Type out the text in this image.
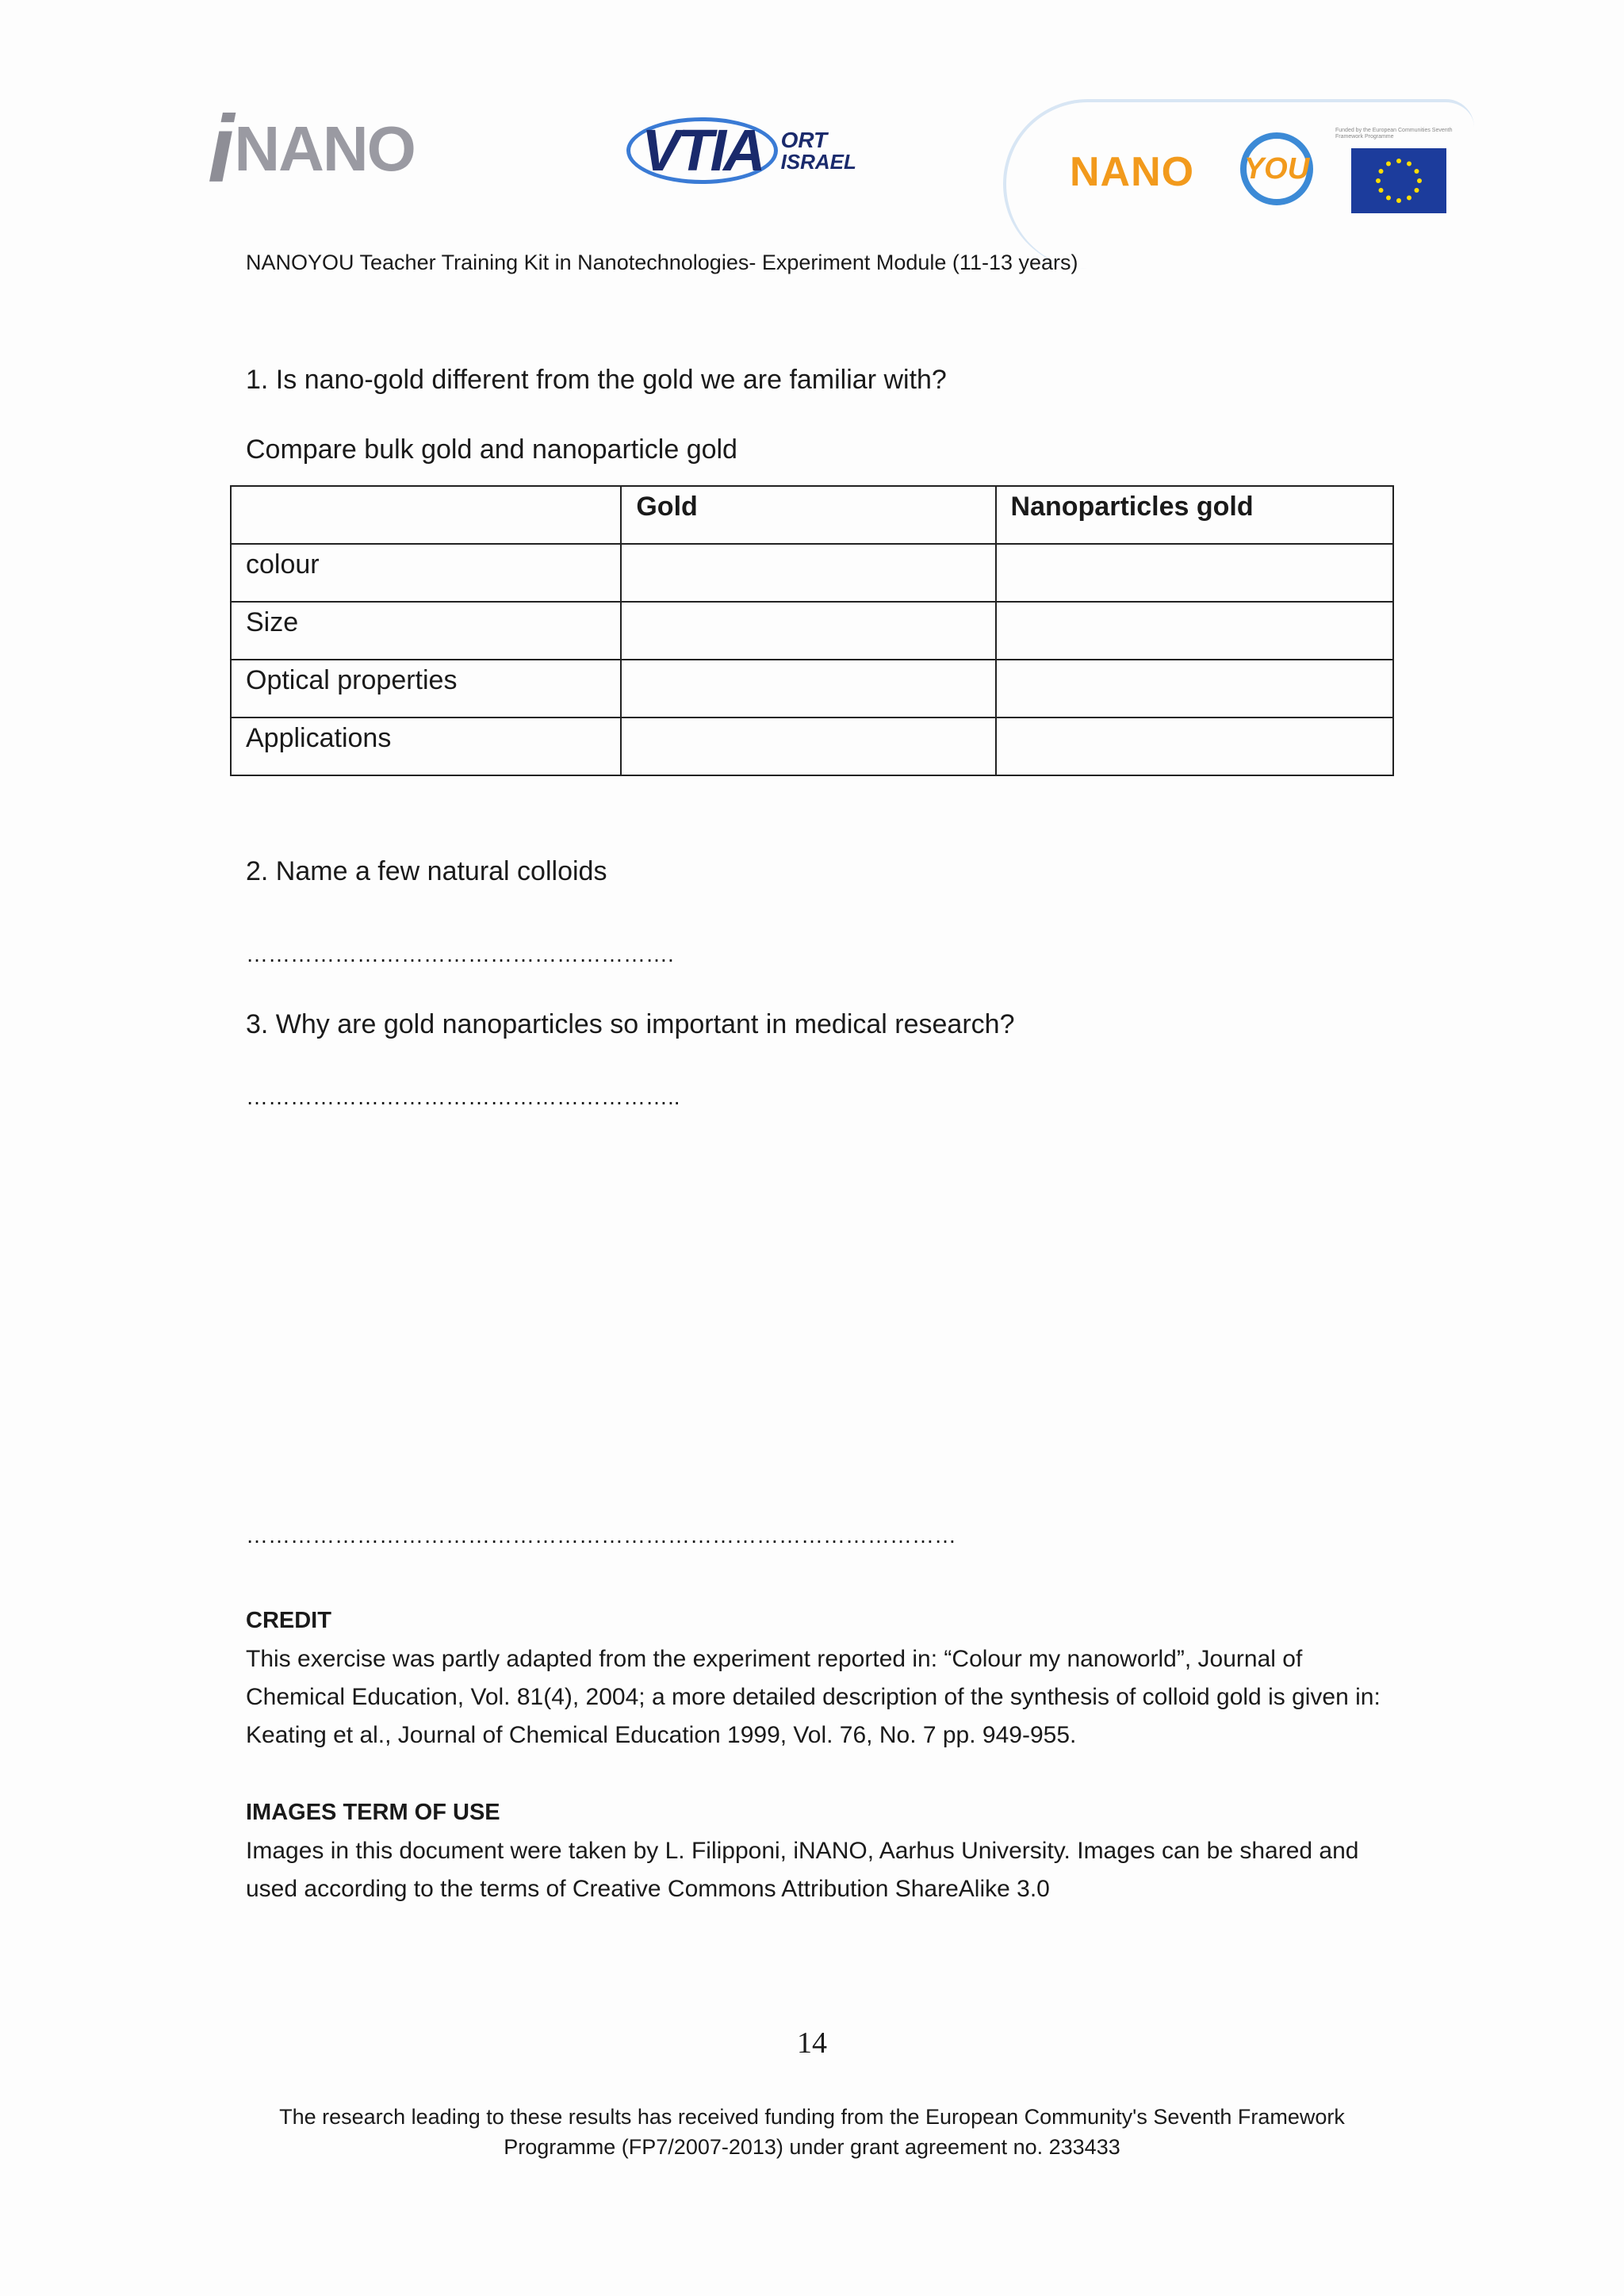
i NANO	VTIA ORT
ISRAEL	NANO YOU
Funded by the European Communities Seventh Framework Programme
NANOYOU Teacher Training Kit in Nanotechnologies- Experiment Module (11-13 years)
1. Is nano-gold different from the gold we are familiar with?
Compare bulk gold and nanoparticle gold
	Gold	Nanoparticles gold
colour		
Size		
Optical properties		
Applications		
2. Name a few natural colloids
………………………………………………….
3. Why are gold nanoparticles so important in medical research?
…………………………………………………..
……………………………………………………………………………………
CREDIT
This exercise was partly adapted from the experiment reported in: “Colour my nanoworld”, Journal of Chemical Education, Vol. 81(4), 2004; a more detailed description of the synthesis of colloid gold is given in: Keating et al., Journal of Chemical Education 1999, Vol. 76, No. 7 pp. 949-955.
IMAGES TERM OF USE
Images in this document were taken by L. Filipponi, iNANO, Aarhus University. Images can be shared and used according to the terms of Creative Commons Attribution ShareAlike 3.0
14
The research leading to these results has received funding from the European Community's Seventh Framework
Programme (FP7/2007-2013) under grant agreement no. 233433
